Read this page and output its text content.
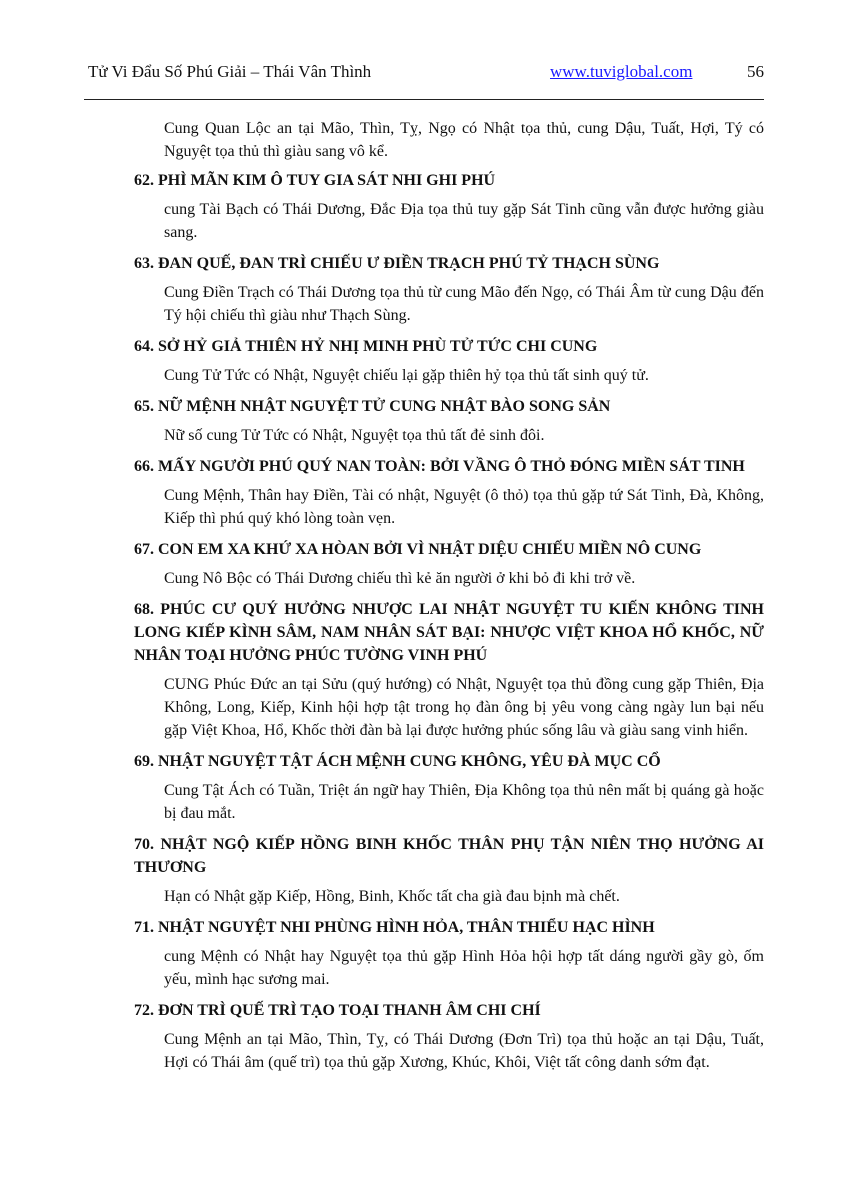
Tử Vi Đẩu Số Phú Giải – Thái Vân Thình	www.tuviglobal.com	56

Cung Quan Lộc an tại Mão, Thìn, Tỵ, Ngọ có Nhật tọa thủ, cung Dậu, Tuất, Hợi, Tý có Nguyệt tọa thủ thì giàu sang vô kể.

62. PHÌ MÃN KIM Ô TUY GIA SÁT NHI GHI PHÚ

cung Tài Bạch có Thái Dương, Đắc Địa tọa thủ tuy gặp Sát Tinh cũng vẫn được hưởng giàu sang.

63. ĐAN QUẾ, ĐAN TRÌ CHIẾU Ư ĐIỀN TRẠCH PHÚ TỶ THẠCH SÙNG

Cung Điền Trạch có Thái Dương tọa thủ từ cung Mão đến Ngọ, có Thái Âm từ cung Dậu đến Tý hội chiếu thì giàu như Thạch Sùng.

64. SỞ HỶ GIẢ THIÊN HỶ NHỊ MINH PHÙ TỬ TỨC CHI CUNG

Cung Tử Tức có Nhật, Nguyệt chiếu lại gặp thiên hỷ tọa thủ tất sinh quý tử.

65. NỮ MỆNH NHẬT NGUYỆT TỬ CUNG NHẬT BÀO SONG SẢN

Nữ số cung Tử Tức có Nhật, Nguyệt tọa thủ tất đẻ sinh đôi.

66. MẤY NGƯỜI PHÚ QUÝ NAN TOÀN: BỞI VẦNG Ô THỎ ĐÓNG MIỀN SÁT TINH

Cung Mệnh, Thân hay Điền, Tài có nhật, Nguyệt (ô thỏ) tọa thủ gặp tứ Sát Tinh, Đà, Không, Kiếp thì phú quý khó lòng toàn vẹn.

67. CON EM XA KHỨ XA HÒAN BỞI VÌ NHẬT DIỆU CHIẾU MIỀN NÔ CUNG

Cung Nô Bộc có Thái Dương chiếu thì kẻ ăn người ở khi bỏ đi khi trở về.

68. PHÚC CƯ QUÝ HƯỞNG NHƯỢC LAI NHẬT NGUYỆT TU KIẾN KHÔNG TINH LONG KIẾP KÌNH SÂM, NAM NHÂN SÁT BẠI: NHƯỢC VIỆT KHOA HỔ KHỐC, NỮ NHÂN TOẠI HƯỞNG PHÚC TƯỜNG VINH PHÚ

CUNG Phúc Đức an tại Sửu (quý hướng) có Nhật, Nguyệt tọa thủ đồng cung gặp Thiên, Địa Không, Long, Kiếp, Kinh hội hợp tật trong họ đàn ông bị yêu vong càng ngày lun bại nếu gặp Việt Khoa, Hổ, Khốc thời đàn bà lại được hưởng phúc sống lâu và giàu sang vinh hiển.

69. NHẬT NGUYỆT TẬT ÁCH MỆNH CUNG KHÔNG, YÊU ĐÀ MỤC CỔ

Cung Tật Ách có Tuần, Triệt án ngữ hay Thiên, Địa Không tọa thủ nên mất bị quáng gà hoặc bị đau mắt.

70. NHẬT NGỘ KIẾP HỒNG BINH KHỐC THÂN PHỤ TẬN NIÊN THỌ HƯỞNG AI THƯƠNG

Hạn có Nhật gặp Kiếp, Hồng, Binh, Khốc tất cha già đau bịnh mà chết.

71. NHẬT NGUYỆT NHI PHÙNG HÌNH HỎA, THÂN THIỂU HẠC HÌNH

cung Mệnh có Nhật hay Nguyệt tọa thủ gặp Hình Hỏa hội hợp tất dáng người gầy gò, ốm yếu, mình hạc sương mai.

72. ĐƠN TRÌ QUẾ TRÌ TẠO TOẠI THANH ÂM CHI CHÍ

Cung Mệnh an tại Mão, Thìn, Tỵ, có Thái Dương (Đơn Trì) tọa thủ hoặc an tại Dậu, Tuất, Hợi có Thái âm (quế trì) tọa thủ gặp Xương, Khúc, Khôi, Việt tất công danh sớm đạt.
